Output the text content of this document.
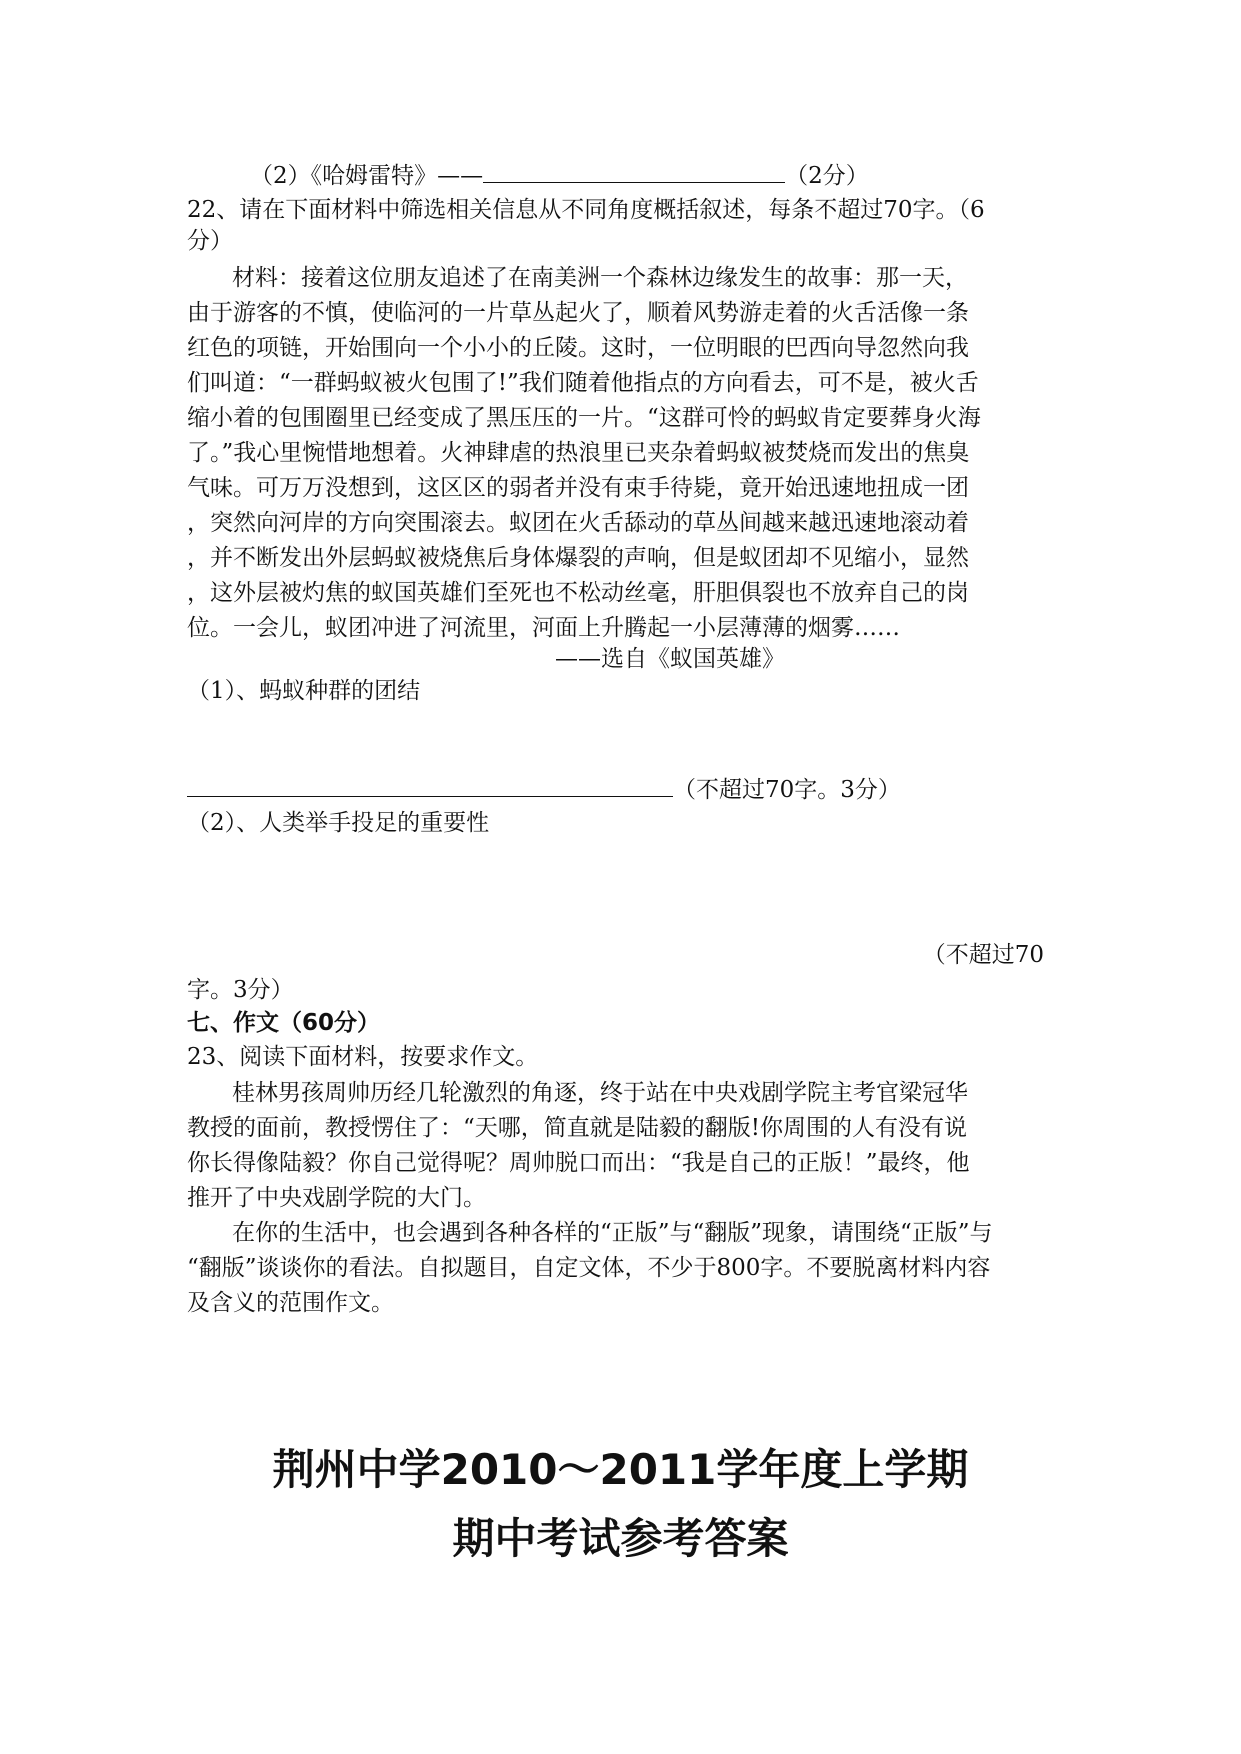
（2）《哈姆雷特》——	（2分）
22、请在下面材料中筛选相关信息从不同角度概括叙述，每条不超过70字。（6
分）
材料：接着这位朋友追述了在南美洲一个森林边缘发生的故事：那一天，
由于游客的不慎，使临河的一片草丛起火了，顺着风势游走着的火舌活像一条
红色的项链，开始围向一个小小的丘陵。这时，一位明眼的巴西向导忽然向我
们叫道：“一群蚂蚁被火包围了!”我们随着他指点的方向看去，可不是，被火舌
缩小着的包围圈里已经变成了黑压压的一片。“这群可怜的蚂蚁肯定要葬身火海
了。”我心里惋惜地想着。火神肆虐的热浪里已夹杂着蚂蚁被焚烧而发出的焦臭
气味。可万万没想到，这区区的弱者并没有束手待毙，竟开始迅速地扭成一团
，突然向河岸的方向突围滚去。蚁团在火舌舔动的草丛间越来越迅速地滚动着
，并不断发出外层蚂蚁被烧焦后身体爆裂的声响，但是蚁团却不见缩小，显然
，这外层被灼焦的蚁国英雄们至死也不松动丝毫，肝胆俱裂也不放弃自己的岗
位。一会儿，蚁团冲进了河流里，河面上升腾起一小层薄薄的烟雾……
——选自《蚁国英雄》
（1）、蚂蚁种群的团结
（不超过70字。3分）
（2）、人类举手投足的重要性
（不超过70
字。3分）
七、作文（60分）
23、阅读下面材料，按要求作文。
桂林男孩周帅历经几轮激烈的角逐，终于站在中央戏剧学院主考官梁冠华
教授的面前，教授愣住了：“天哪，简直就是陆毅的翻版!你周围的人有没有说
你长得像陆毅？你自己觉得呢？周帅脱口而出：“我是自己的正版！”最终，他
推开了中央戏剧学院的大门。
在你的生活中，也会遇到各种各样的“正版”与“翻版”现象，请围绕“正版”与
“翻版”谈谈你的看法。自拟题目，自定文体，不少于800字。不要脱离材料内容
及含义的范围作文。
荆州中学2010～2011学年度上学期
期中考试参考答案
